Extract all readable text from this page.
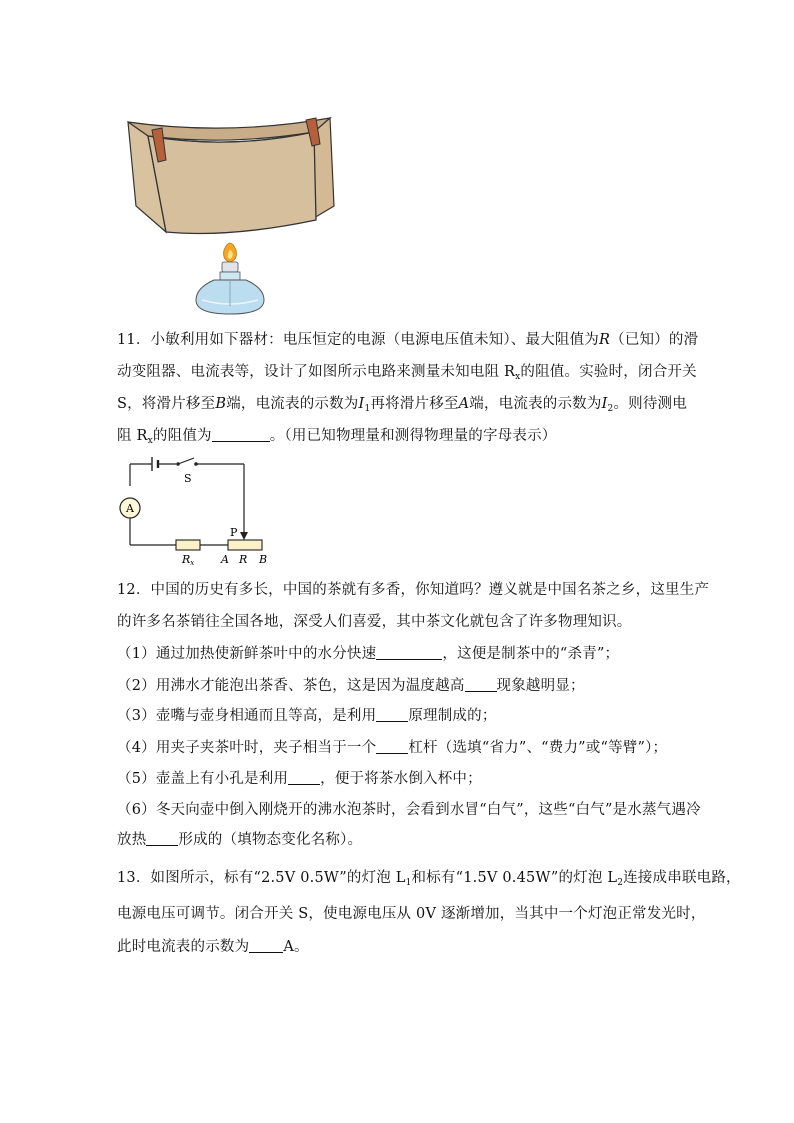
11．小敏利用如下器材：电压恒定的电源（电源电压值未知）、最大阻值为R（已知）的滑
动变阻器、电流表等，设计了如图所示电路来测量未知电阻 $R_x$的阻值。实验时，闭合开关
S，将滑片移至B端，电流表的示数为$I_1$再将滑片移至A端，电流表的示数为$I_2$。则待测电
阻 $R_x$的阻值为	。（用已知物理量和测得物理量的字母表示）
S
P
A
Rx A R B
12．中国的历史有多长，中国的茶就有多香，你知道吗？遵义就是中国名茶之乡，这里生产
的许多名茶销往全国各地，深受人们喜爱，其中茶文化就包含了许多物理知识。
（1）通过加热使新鲜茶叶中的水分快速	，这便是制茶中的“杀青”；
（2）用沸水才能泡出茶香、茶色，这是因为温度越高 现象越明显；
（3）壶嘴与壶身相通而且等高，是利用 原理制成的；
（4）用夹子夹茶叶时，夹子相当于一个 杠杆（选填“省力”、“费力”或“等臂”）；
（5）壶盖上有小孔是利用 ，便于将茶水倒入杯中；
（6）冬天向壶中倒入刚烧开的沸水泡茶时，会看到水冒“白气”，这些“白气”是水蒸气遇冷
放热 形成的（填物态变化名称）。
13．如图所示，标有“2.5V 0.5W”的灯泡 $L_1$和标有“1.5V 0.45W”的灯泡 $L_2$连接成串联电路，
电源电压可调节。闭合开关 S，使电源电压从 0V 逐渐增加，当其中一个灯泡正常发光时，
此时电流表的示数为 A。
